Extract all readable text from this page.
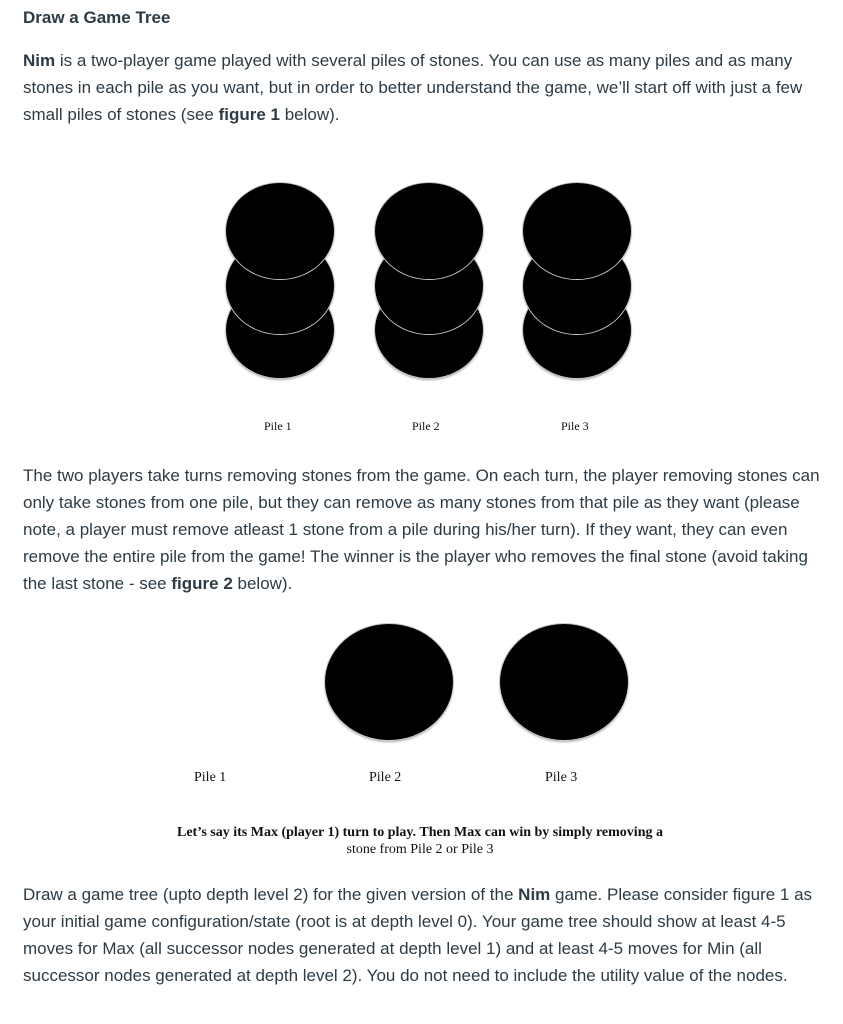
Draw a Game Tree
Nim is a two-player game played with several piles of stones. You can use as many piles and as many stones in each pile as you want, but in order to better understand the game, we’ll start off with just a few small piles of stones (see figure 1 below).
Pile 1	Pile 2	Pile 3
The two players take turns removing stones from the game. On each turn, the player removing stones can only take stones from one pile, but they can remove as many stones from that pile as they want (please note, a player must remove atleast 1 stone from a pile during his/her turn). If they want, they can even remove the entire pile from the game! The winner is the player who removes the final stone (avoid taking the last stone - see figure 2 below).
Pile 1	Pile 2	Pile 3
Let’s say its Max (player 1) turn to play. Then Max can win by simply removing a
stone from Pile 2 or Pile 3
Draw a game tree (upto depth level 2) for the given version of the Nim game. Please consider figure 1 as your initial game configuration/state (root is at depth level 0). Your game tree should show at least 4-5 moves for Max (all successor nodes generated at depth level 1) and at least 4-5 moves for Min (all successor nodes generated at depth level 2). You do not need to include the utility value of the nodes.
